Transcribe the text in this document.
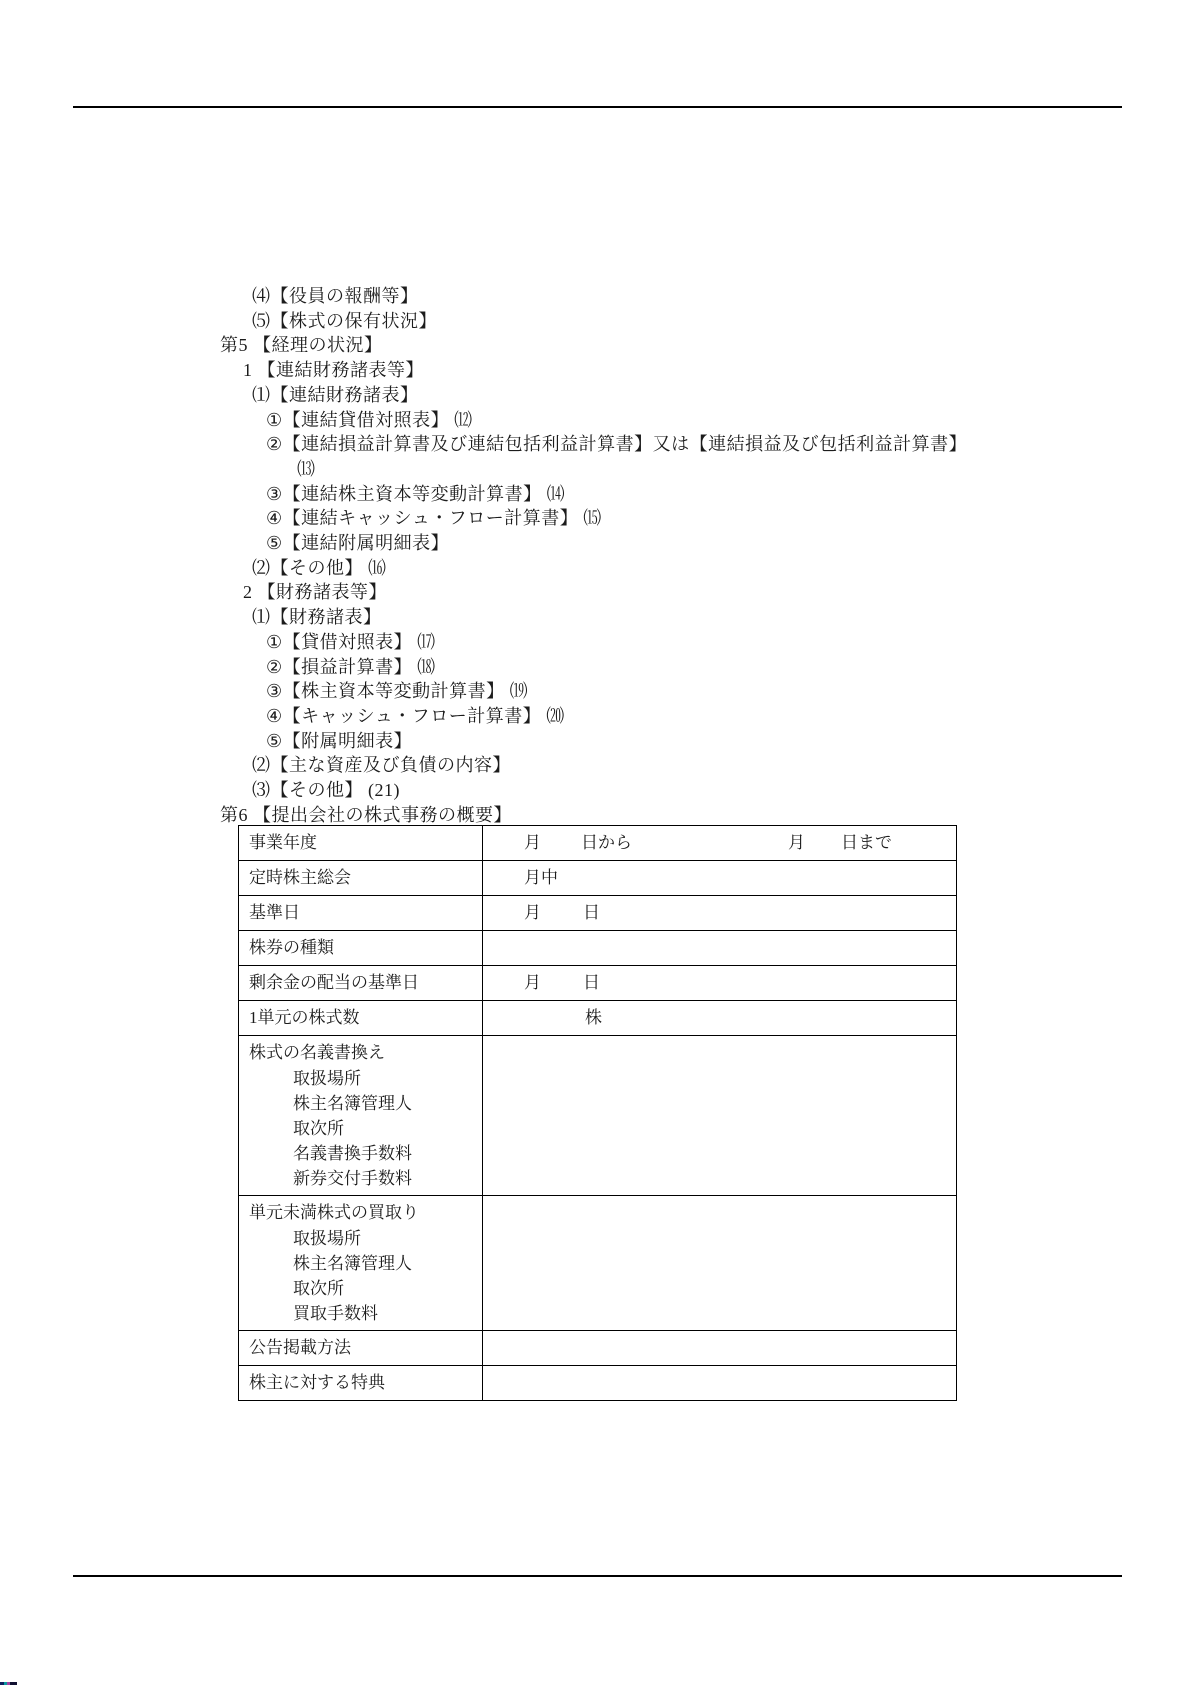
⑷【役員の報酬等】
⑸【株式の保有状況】
第5 【経理の状況】
1 【連結財務諸表等】
⑴【連結財務諸表】
①【連結貸借対照表】 ⑿
②【連結損益計算書及び連結包括利益計算書】又は【連結損益及び包括利益計算書】
⒀
③【連結株主資本等変動計算書】 ⒁
④【連結キャッシュ・フロー計算書】 ⒂
⑤【連結附属明細表】
⑵【その他】 ⒃
2 【財務諸表等】
⑴【財務諸表】
①【貸借対照表】 ⒄
②【損益計算書】 ⒅
③【株主資本等変動計算書】 ⒆
④【キャッシュ・フロー計算書】 ⒇
⑤【附属明細表】
⑵【主な資産及び負債の内容】
⑶【その他】 (21)
第6 【提出会社の株式事務の概要】
事業年度	月 日から	月 日まで
定時株主総会	月中
基準日	月 日
株券の種類
剰余金の配当の基準日	月 日
1単元の株式数	株
株式の名義書換え
取扱場所
株主名簿管理人
取次所
名義書換手数料
新券交付手数料
単元未満株式の買取り
取扱場所
株主名簿管理人
取次所
買取手数料
公告掲載方法
株主に対する特典
